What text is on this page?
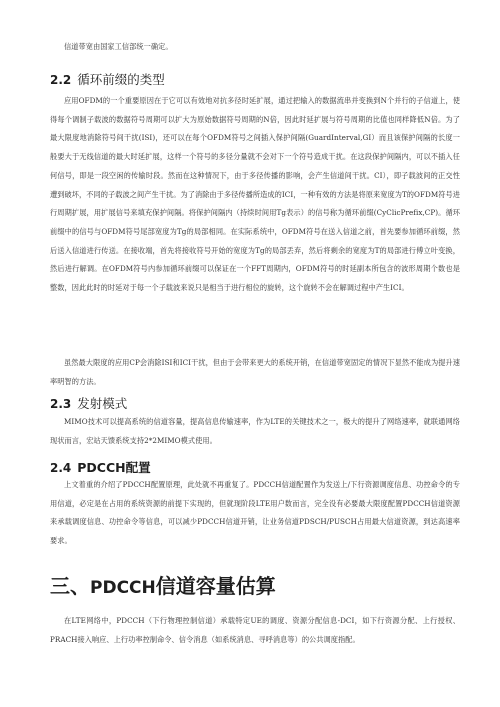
信道带宽由国家工信部统一确定。

2.2 循环前缀的类型

应用OFDM的一个重要原因在于它可以有效地对抗多径时延扩展，通过把输入的数据流串并变换到N个并行的子信道上，使得每个调制子载波的数据符号周期可以扩大为原始数据符号周期的N倍，因此时延扩展与符号周期的比值也同样降低N倍。为了最大限度地消除符号间干扰(ISI)，还可以在每个OFDM符号之间插入保护间隔(GuardInterval,GI）而且该保护间隔的长度一般要大于无线信道的最大时延扩展，这样一个符号的多径分量就不会对下一个符号造成干扰。在这段保护间隔内，可以不插入任何信号，即是一段空闲的传输时段。然而在这种情况下，由于多径传播的影响，会产生信道间干扰。CI），即子载波间的正交性遭到破坏，不同的子载波之间产生干扰。为了消除由于多径传播所造成的ICI，一种有效的方法是将原来宽度为T的OFDM符号进行周期扩展，用扩展信号来填充保护间隔。将保护间隔内（持续时间用Tg表示）的信号称为循环前缀(CyClicPrefix,CP)。循环前缀中的信号与OFDM符号尾部宽度为Tg的局部相同。在实际系统中，OFDM符号在送入信道之前，首先要参加循环前缀，然后送入信道进行传送。在接收端，首先将接收符号开始的宽度为Tg的局部丢弃，然后将剩余的宽度为T的局部进行傅立叶变换，然后进行解调。在OFDM符号内参加循环前缀可以保证在一个FFT周期内，OFDM符号的时延副本所包含的波形周期个数也是整数，因此此时的时延对于每一个子载波来说只是相当于进行相位的旋转，这个旋转不会在解调过程中产生ICI。

虽然最大限度的应用CP会消除ISI和ICI干扰，但由于会带来更大的系统开销，在信道带宽固定的情况下显然不能成为提升速率明智的方法。

2.3 发射模式

MIMO技术可以提高系统的信道容量，提高信息传输速率，作为LTE的关键技术之一，极大的提升了网络速率，就联通网络现状而言，宏站天馈系统支持2*2MIMO模式使用。

2.4 PDCCH配置

上文着重的介绍了PDCCH配置原理，此处就不再重复了。PDCCH信道配置作为发送上/下行资源调度信息、功控命令的专用信道，必定是在占用的系统资源的前提下实现的，但就现阶段LTE用户数而言，完全没有必要最大限度配置PDCCH信道资源来承载调度信息、功控命令等信息，可以减少PDCCH信道开销，让业务信道PDSCH/PUSCH占用最大信道资源，到达高速率要求。

三、PDCCH信道容量估算

在LTE网络中，PDCCH（下行物理控制信道）承载特定UE的调度、资源分配信息-DCI，如下行资源分配、上行授权、PRACH接入响应、上行功率控制命令、信令消息（如系统消息、寻呼消息等）的公共调度指配。
